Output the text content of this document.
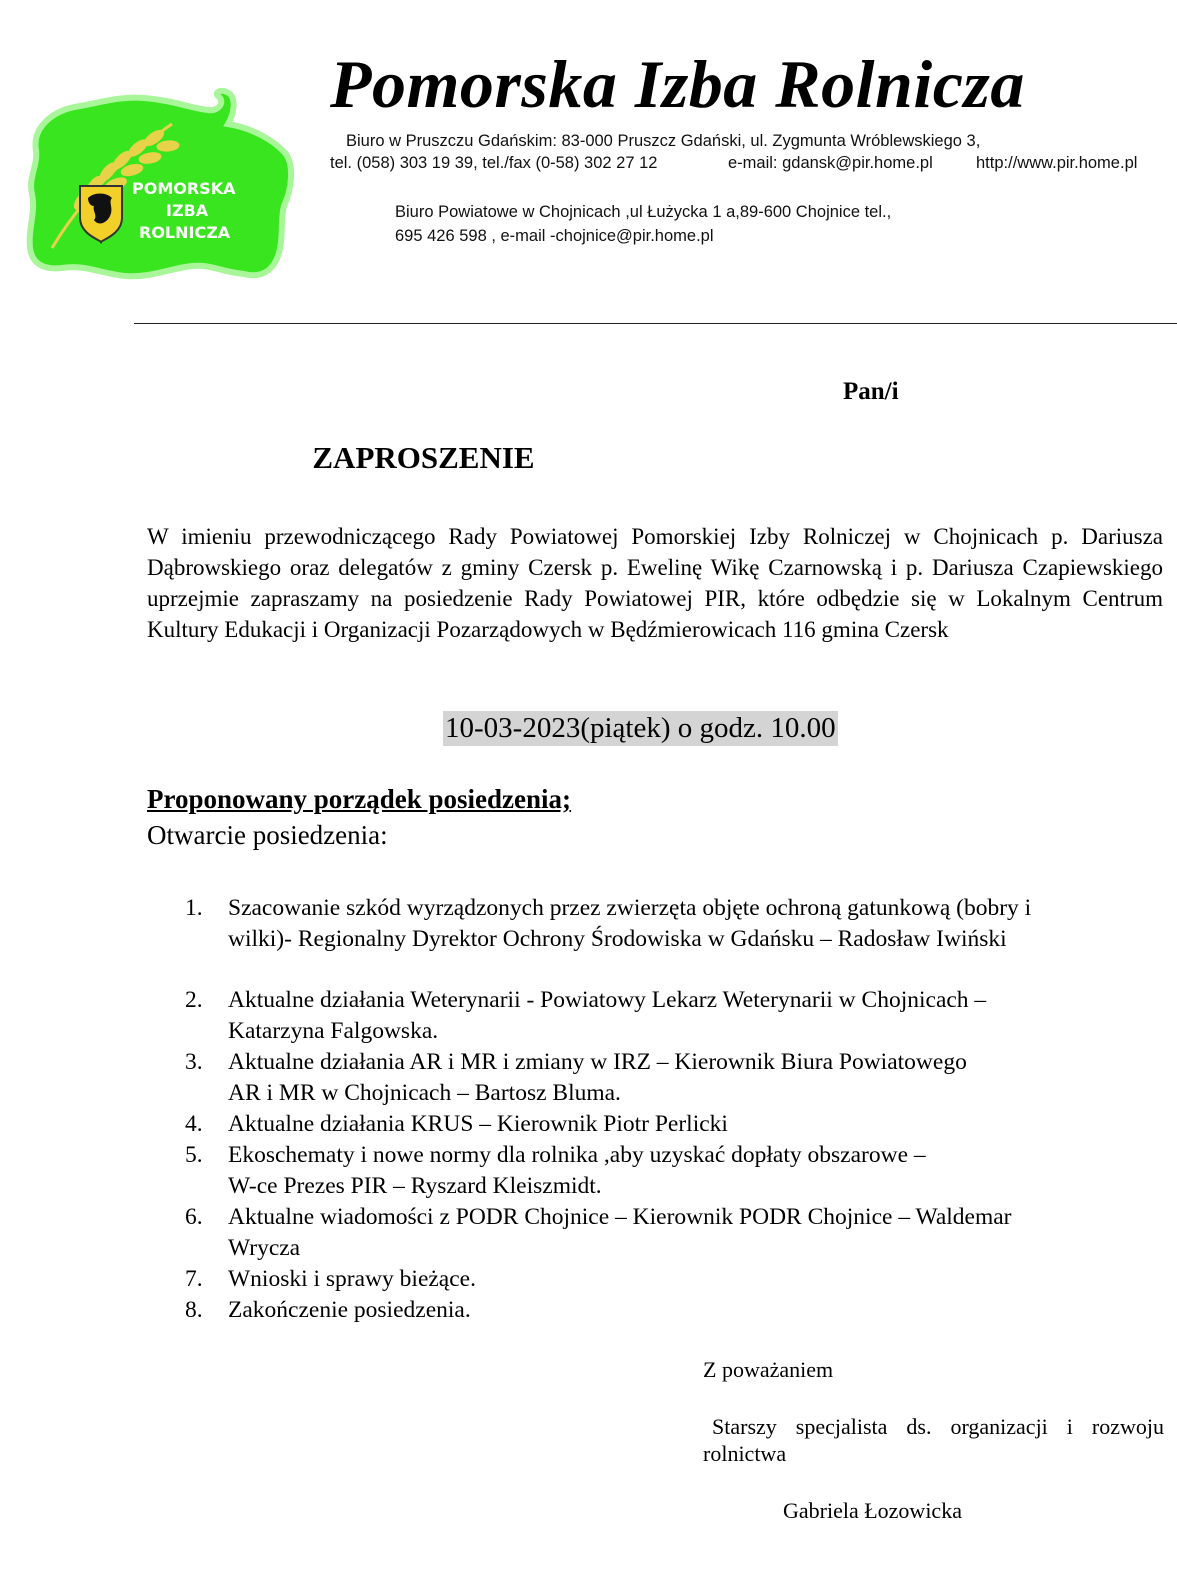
POMORSKA
IZBA
ROLNICZA
Pomorska Izba Rolnicza
Biuro w Pruszczu Gdańskim: 83-000 Pruszcz Gdański, ul. Zygmunta Wróblewskiego 3,
tel. (058) 303 19 39, tel./fax (0-58) 302 27 12	e-mail: gdansk@pir.home.pl	http://www.pir.home.pl
Biuro Powiatowe w Chojnicach ,ul Łużycka 1 a,89-600 Chojnice tel.,
695 426 598 , e-mail -chojnice@pir.home.pl
Pan/i
ZAPROSZENIE
W imieniu przewodniczącego Rady Powiatowej Pomorskiej Izby Rolniczej w Chojnicach p. Dariusza Dąbrowskiego oraz delegatów z gminy Czersk p. Ewelinę Wikę Czarnowską i p. Dariusza Czapiewskiego uprzejmie zapraszamy na posiedzenie Rady Powiatowej PIR, które odbędzie się w Lokalnym Centrum Kultury Edukacji i Organizacji Pozarządowych w Będźmierowicach 116 gmina Czersk
10-03-2023(piątek) o godz. 10.00
Proponowany porządek posiedzenia;
Otwarcie posiedzenia:
1.	Szacowanie szkód wyrządzonych przez zwierzęta objęte ochroną gatunkową (bobry i
wilki)- Regionalny Dyrektor Ochrony Środowiska w Gdańsku – Radosław Iwiński
2.	Aktualne działania Weterynarii - Powiatowy Lekarz Weterynarii w Chojnicach –
Katarzyna Falgowska.
3.	Aktualne działania AR i MR i zmiany w IRZ – Kierownik Biura Powiatowego
AR i MR w Chojnicach – Bartosz Bluma.
4.	Aktualne działania KRUS – Kierownik Piotr Perlicki
5.	Ekoschematy i nowe normy dla rolnika ,aby uzyskać dopłaty obszarowe –
W-ce Prezes PIR – Ryszard Kleiszmidt.
6.	Aktualne wiadomości z PODR Chojnice – Kierownik PODR Chojnice – Waldemar
Wrycza
7.	Wnioski i sprawy bieżące.
8.	Zakończenie posiedzenia.
Z poważaniem
Starszy  specjalista  ds.  organizacji  i  rozwoju
rolnictwa
Gabriela Łozowicka
